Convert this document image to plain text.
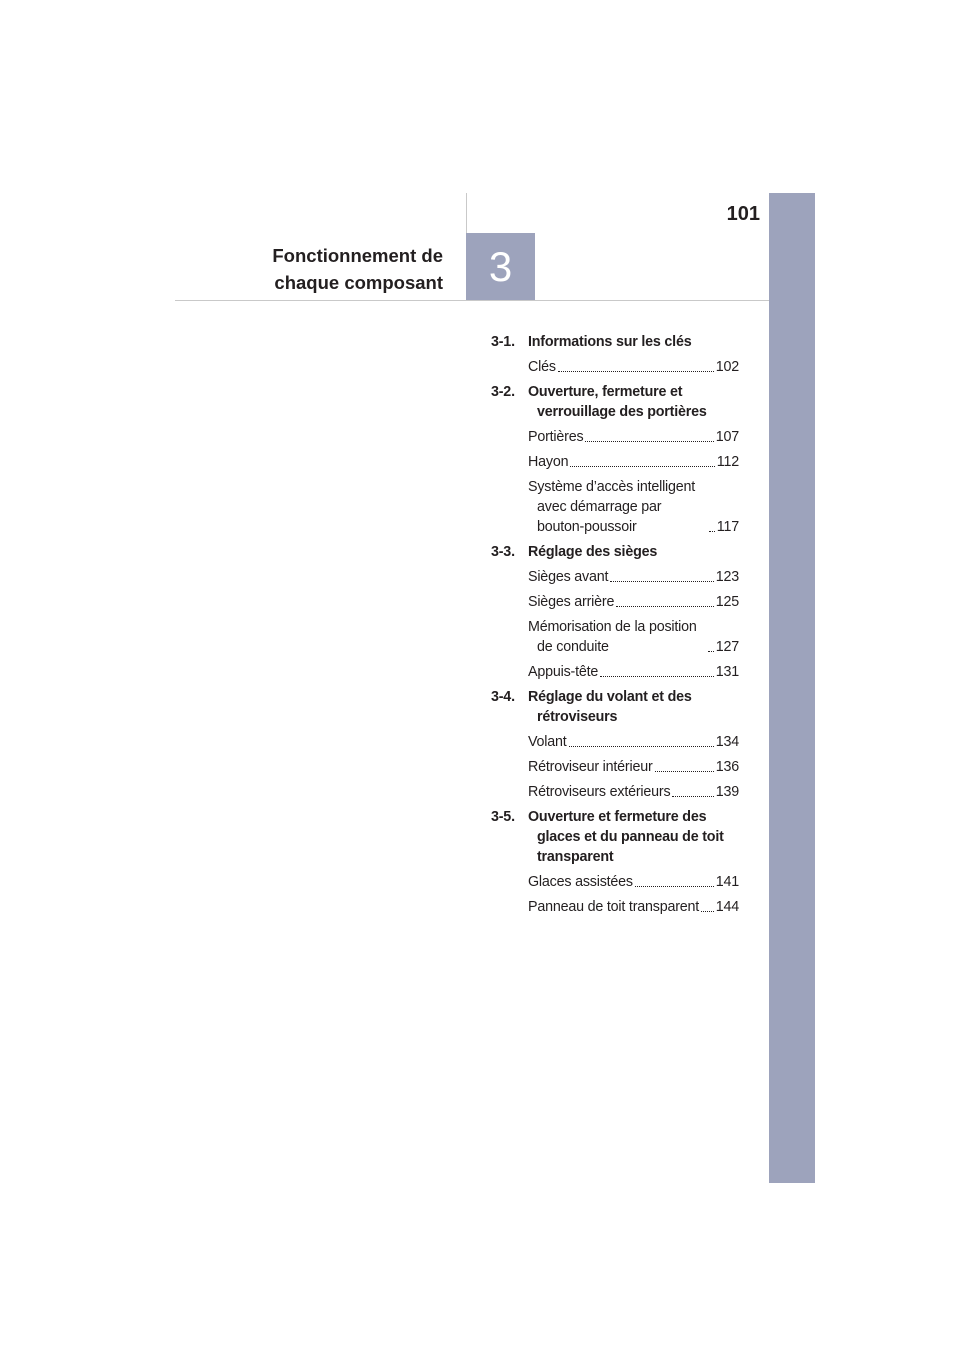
101
Fonctionnement de
chaque composant	3
3-1. Informations sur les clés
Clés	102
3-2. Ouverture, fermeture et verrouillage des portières
Portières	107
Hayon	112
Système d’accès intelligent avec démarrage par bouton-poussoir	117
3-3. Réglage des sièges
Sièges avant	123
Sièges arrière	125
Mémorisation de la position de conduite	127
Appuis-tête	131
3-4. Réglage du volant et des rétroviseurs
Volant	134
Rétroviseur intérieur	136
Rétroviseurs extérieurs	139
3-5. Ouverture et fermeture des glaces et du panneau de toit transparent
Glaces assistées	141
Panneau de toit transparent 144
